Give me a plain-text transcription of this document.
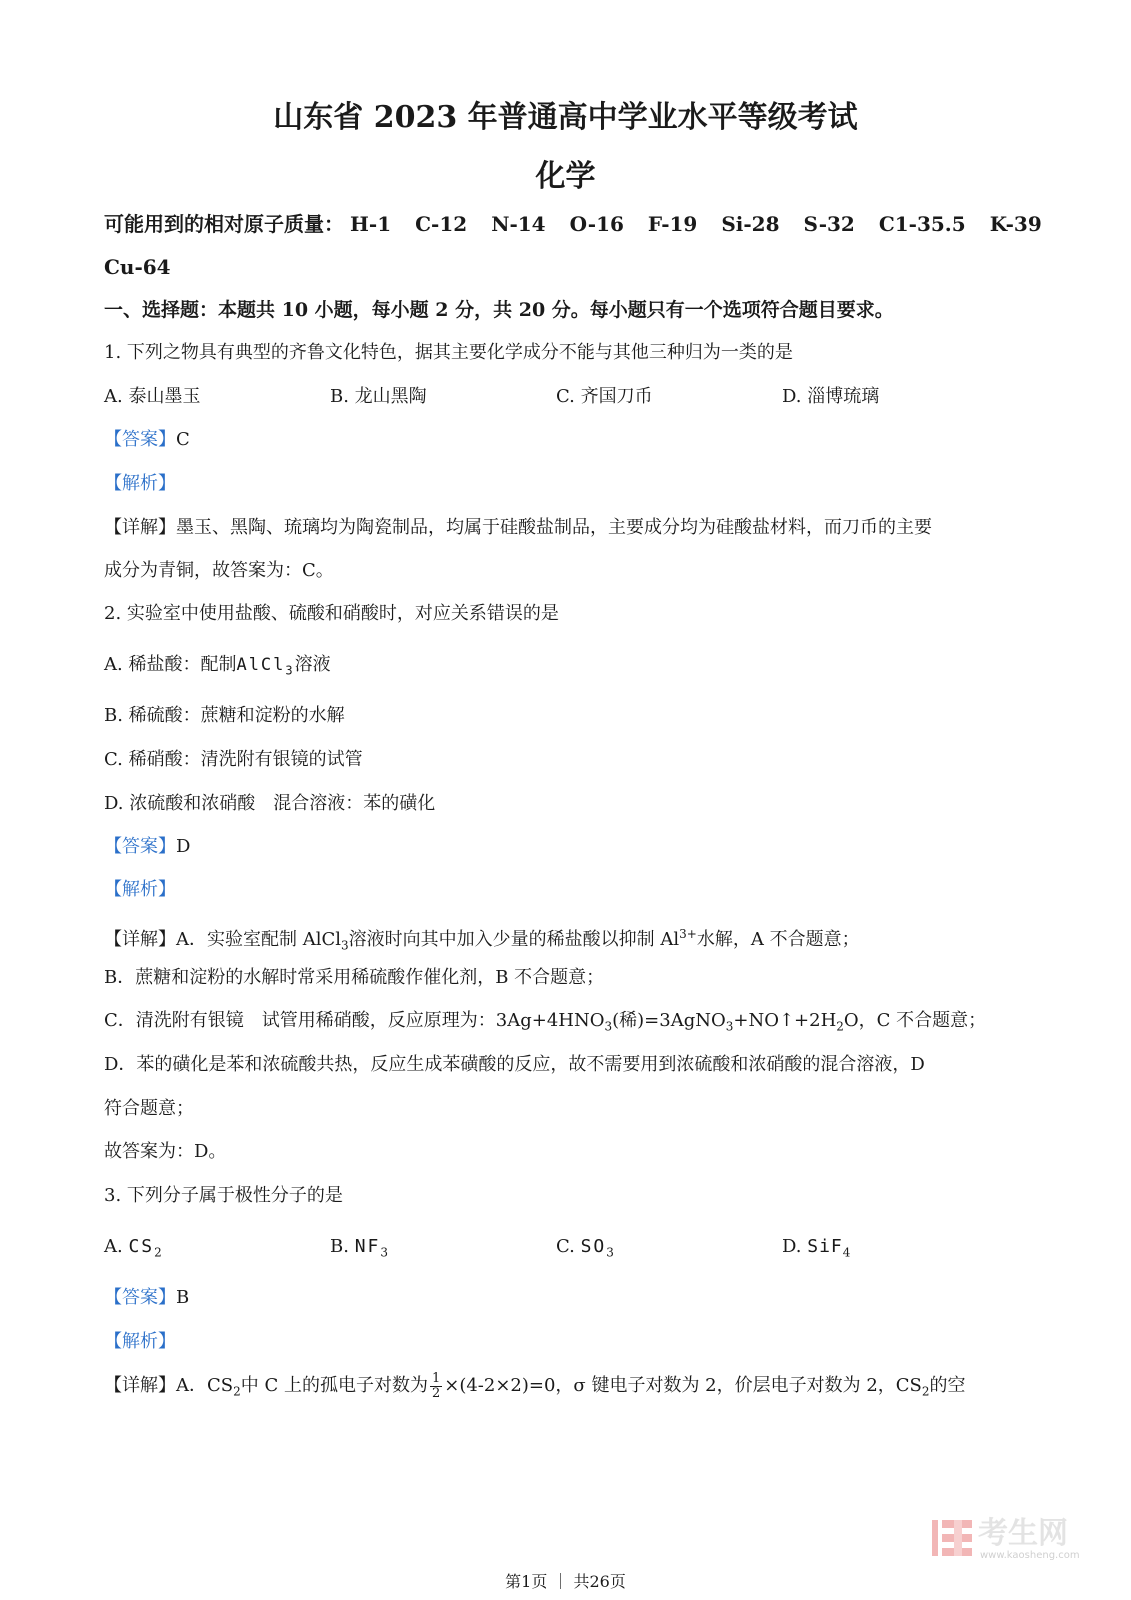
山东省 2023 年普通高中学业水平等级考试
化学
可能用到的相对原子质量： H-1 C-12 N-14 O-16 F-19 Si-28 S-32 C1-35.5 K-39
Cu-64
一、选择题：本题共 10 小题，每小题 2 分，共 20 分。每小题只有一个选项符合题目要求。
1. 下列之物具有典型的齐鲁文化特色，据其主要化学成分不能与其他三种归为一类的是
A. 泰山墨玉	B. 龙山黑陶	C. 齐国刀币	D. 淄博琉璃
【答案】C
【解析】
【详解】墨玉、黑陶、琉璃均为陶瓷制品，均属于硅酸盐制品，主要成分均为硅酸盐材料，而刀币的主要
成分为青铜，故答案为：C。
2. 实验室中使用盐酸、硫酸和硝酸时，对应关系错误的是
A. 稀盐酸：配制AlCl$_3$溶液
B. 稀硫酸：蔗糖和淀粉的水解
C. 稀硝酸：清洗附有银镜的试管
D. 浓硫酸和浓硝酸　混合溶液：苯的磺化
【答案】D
【解析】
【详解】A．实验室配制 AlCl$_3$溶液时向其中加入少量的稀盐酸以抑制 $Al^{3+}$水解，A 不合题意；
B．蔗糖和淀粉的水解时常采用稀硫酸作催化剂，B 不合题意；
C．清洗附有银镜　试管用稀硝酸，反应原理为：$3Ag+4HNO_3$(稀)$=3AgNO_3+NO↑+2H_2O$，C 不合题意；
D．苯的磺化是苯和浓硫酸共热，反应生成苯磺酸的反应，故不需要用到浓硫酸和浓硝酸的混合溶液，D
符合题意；
故答案为：D。
3. 下列分子属于极性分子的是
A. $CS_2$	B. $NF_3$	C. $SO_3$	D. SiF$_4$
【答案】B
【解析】
【详解】A．$CS_2$中 C 上的孤电子对数为 $\frac{1}{2} \times(4-2\times 2)=0$，σ 键电子对数为 2，价层电子对数为 2，$CS_2$的空
考生网
www.kaosheng.com
第1页 ｜ 共26页
